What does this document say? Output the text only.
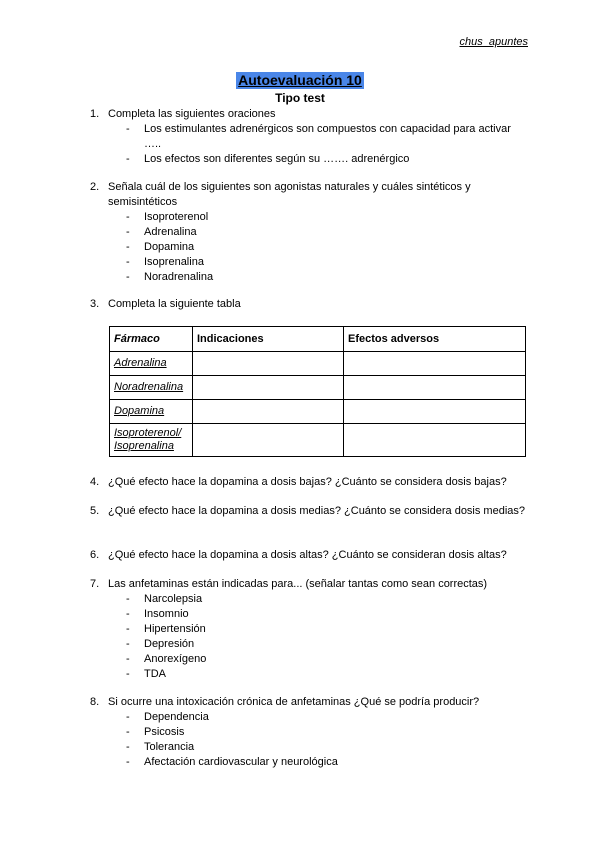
chus_apuntes
Autoevaluación 10
Tipo test
1. Completa las siguientes oraciones
- Los estimulantes adrenérgicos son compuestos con capacidad para activar …..
- Los efectos son diferentes según su ……. adrenérgico
2. Señala cuál de los siguientes son agonistas naturales y cuáles sintéticos y semisintéticos
- Isoproterenol
- Adrenalina
- Dopamina
- Isoprenalina
- Noradrenalina
3. Completa la siguiente tabla
Fármaco	Indicaciones	Efectos adversos
Adrenalina		
Noradrenalina		
Dopamina		
Isoproterenol/ Isoprenalina		
4. ¿Qué efecto hace la dopamina a dosis bajas? ¿Cuánto se considera dosis bajas?
5. ¿Qué efecto hace la dopamina a dosis medias? ¿Cuánto se considera dosis medias?
6. ¿Qué efecto hace la dopamina a dosis altas? ¿Cuánto se consideran dosis altas?
7. Las anfetaminas están indicadas para... (señalar tantas como sean correctas)
- Narcolepsia
- Insomnio
- Hipertensión
- Depresión
- Anorexígeno
- TDA
8. Si ocurre una intoxicación crónica de anfetaminas ¿Qué se podría producir?
- Dependencia
- Psicosis
- Tolerancia
- Afectación cardiovascular y neurológica
